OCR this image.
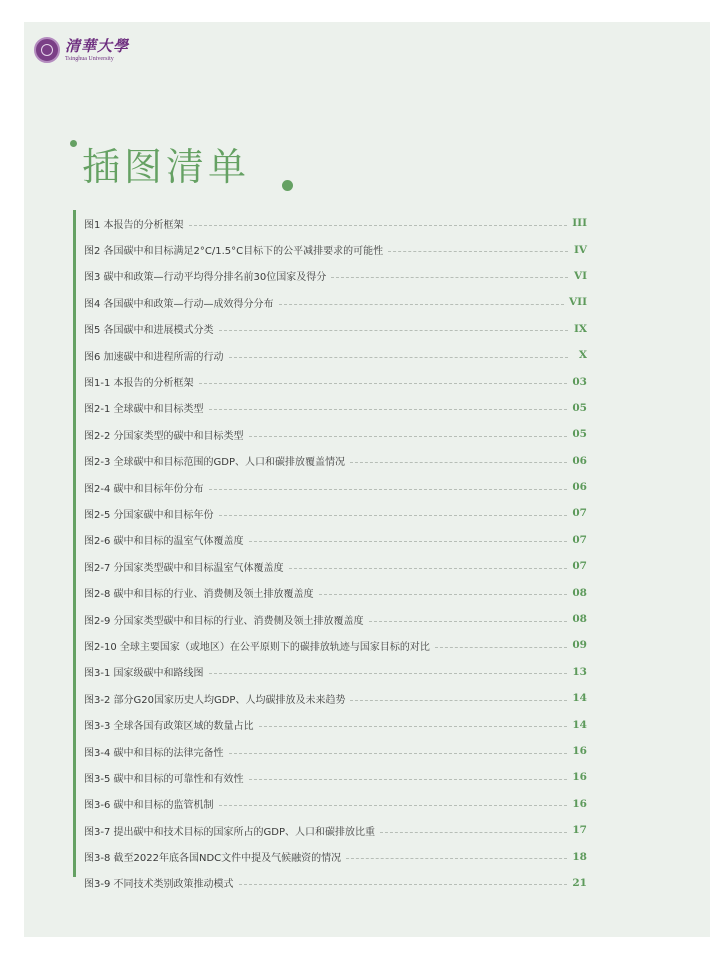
清華大學
Tsinghua University
插图清单
图1 本报告的分析框架	III
图2 各国碳中和目标满足2°C/1.5°C目标下的公平减排要求的可能性	IV
图3 碳中和政策—行动平均得分排名前30位国家及得分	VI
图4 各国碳中和政策—行动—成效得分分布	VII
图5 各国碳中和进展模式分类	IX
图6 加速碳中和进程所需的行动	X
图1-1 本报告的分析框架	03
图2-1 全球碳中和目标类型	05
图2-2 分国家类型的碳中和目标类型	05
图2-3 全球碳中和目标范围的GDP、人口和碳排放覆盖情况	06
图2-4 碳中和目标年份分布	06
图2-5 分国家碳中和目标年份	07
图2-6 碳中和目标的温室气体覆盖度	07
图2-7 分国家类型碳中和目标温室气体覆盖度	07
图2-8 碳中和目标的行业、消费侧及领土排放覆盖度	08
图2-9 分国家类型碳中和目标的行业、消费侧及领土排放覆盖度	08
图2-10 全球主要国家（或地区）在公平原则下的碳排放轨迹与国家目标的对比	09
图3-1 国家级碳中和路线图	13
图3-2 部分G20国家历史人均GDP、人均碳排放及未来趋势	14
图3-3 全球各国有政策区域的数量占比	14
图3-4 碳中和目标的法律完备性	16
图3-5 碳中和目标的可靠性和有效性	16
图3-6 碳中和目标的监管机制	16
图3-7 提出碳中和技术目标的国家所占的GDP、人口和碳排放比重	17
图3-8 截至2022年底各国NDC文件中提及气候融资的情况	18
图3-9 不同技术类别政策推动模式	21
